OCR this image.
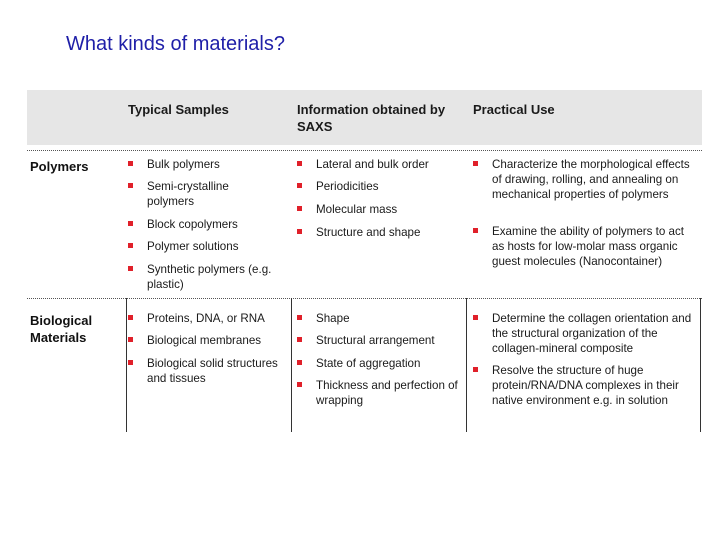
What kinds of materials?
Typical Samples	Information obtained by SAXS
Practical Use
Polymers	Bulk polymers
Semi-crystalline polymers
Block copolymers
Polymer solutions
Synthetic polymers (e.g. plastic)
Lateral and bulk order
Periodicities
Molecular mass
Structure and shape
Characterize the morphological effects of drawing, rolling, and annealing on mechanical properties of polymers
Examine the ability of polymers to act as hosts for low-molar mass organic guest molecules (Nanocontainer)
Biological Materials
Proteins, DNA, or RNA
Biological membranes
Biological solid structures and tissues
Shape
Structural arrangement
State of aggregation
Thickness and perfection of wrapping
Determine the collagen orientation and the structural organization of the collagen-mineral composite
Resolve the structure of huge protein/RNA/DNA complexes in their native environment e.g. in solution
